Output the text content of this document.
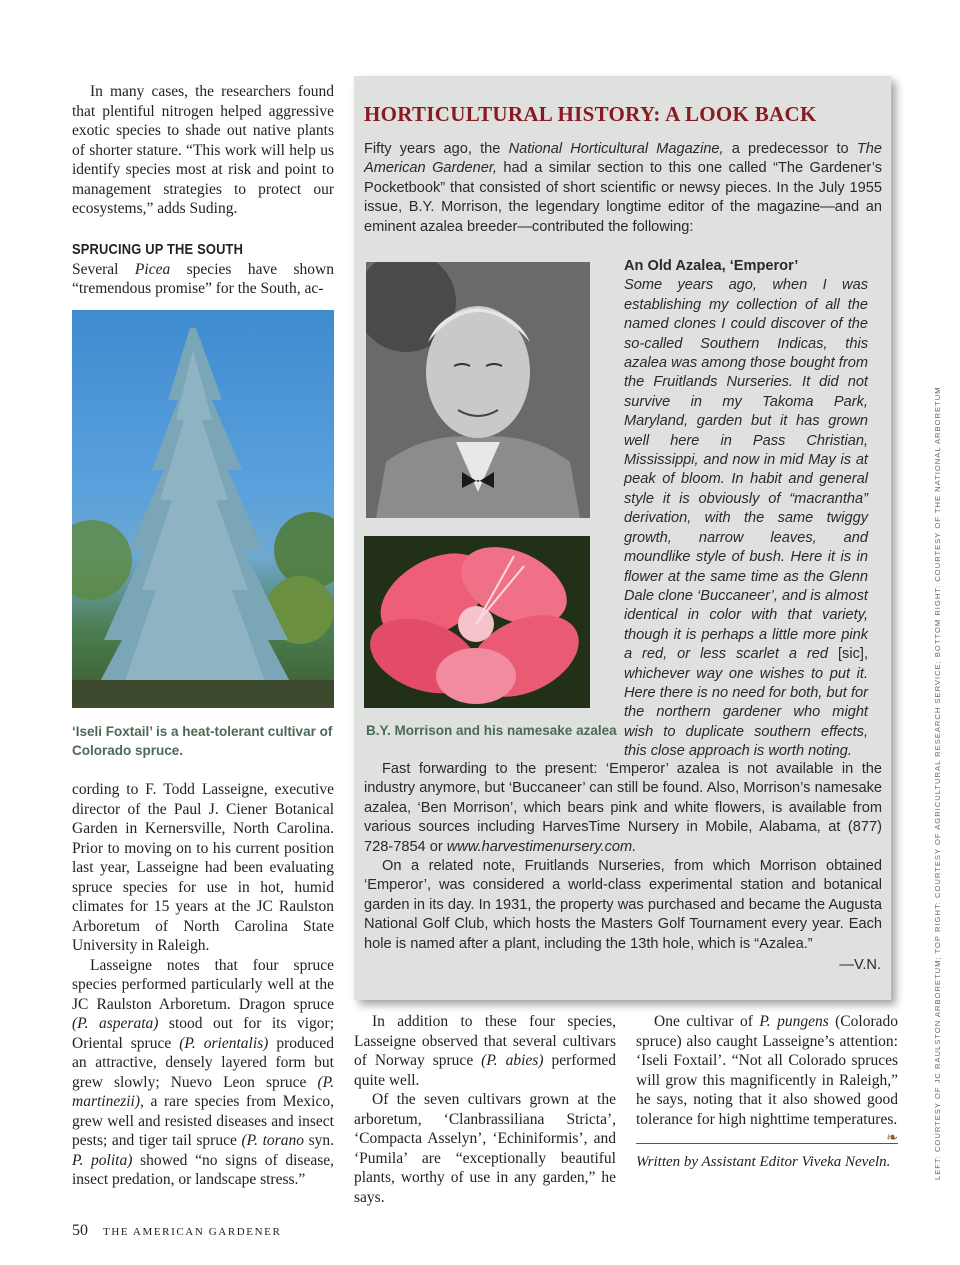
In many cases, the researchers found that plentiful nitrogen helped aggressive exotic species to shade out native plants of shorter stature. “This work will help us identify species most at risk and point to management strategies to protect our ecosystems,” adds Suding.

SPRUCING UP THE SOUTH

Several Picea species have shown “tremendous promise” for the South, ac-

‘Iseli Foxtail’ is a heat-tolerant cultivar of Colorado spruce.

cording to F. Todd Lasseigne, executive director of the Paul J. Ciener Botanical Garden in Kernersville, North Carolina. Prior to moving on to his current position last year, Lasseigne had been evaluating spruce species for use in hot, humid climates for 15 years at the JC Raulston Arboretum of North Carolina State University in Raleigh.

Lasseigne notes that four spruce species performed particularly well at the JC Raulston Arboretum. Dragon spruce (P. asperata) stood out for its vigor; Oriental spruce (P. orientalis) produced an attractive, densely layered form but grew slowly; Nuevo Leon spruce (P. martinezii), a rare species from Mexico, grew well and resisted diseases and insect pests; and tiger tail spruce (P. torano syn. P. polita) showed “no signs of disease, insect predation, or landscape stress.”

HORTICULTURAL HISTORY: A LOOK BACK

Fifty years ago, the National Horticultural Magazine, a predecessor to The American Gardener, had a similar section to this one called “The Gardener’s Pocketbook” that consisted of short scientific or newsy pieces. In the July 1955 issue, B.Y. Morrison, the legendary longtime editor of the magazine—and an eminent azalea breeder—contributed the following:

B.Y. Morrison and his namesake azalea
An Old Azalea, ‘Emperor’

Some years ago, when I was establishing my collection of all the named clones I could discover of the so-called Southern Indicas, this azalea was among those bought from the Fruitlands Nurseries. It did not survive in my Takoma Park, Maryland, garden but it has grown well here in Pass Christian, Mississippi, and now in mid May is at peak of bloom. In habit and general style it is obviously of “macrantha” derivation, with the same twiggy growth, narrow leaves, and moundlike style of bush. Here it is in flower at the same time as the Glenn Dale clone ‘Buccaneer’, and is almost identical in color with that variety, though it is perhaps a little more pink a red, or less scarlet a red [sic], whichever way one wishes to put it. Here there is no need for both, but for the northern gardener who might wish to duplicate southern effects, this close approach is worth noting.

Fast forwarding to the present: ‘Emperor’ azalea is not available in the industry anymore, but ‘Buccaneer’ can still be found. Also, Morrison’s namesake azalea, ‘Ben Morrison’, which bears pink and white flowers, is available from various sources including HarvesTime Nursery in Mobile, Alabama, at (877) 728-7854 or www.harvestimenursery.com.

On a related note, Fruitlands Nurseries, from which Morrison obtained ‘Emperor’, was considered a world-class experimental station and botanical garden in its day. In 1931, the property was purchased and became the Augusta National Golf Club, which hosts the Masters Golf Tournament every year. Each hole is named after a plant, including the 13th hole, which is “Azalea.”

—V.N.

In addition to these four species, Lasseigne observed that several cultivars of Norway spruce (P. abies) performed quite well.

Of the seven cultivars grown at the arboretum, ‘Clanbrassiliana Stricta’, ‘Compacta Asselyn’, ‘Echiniformis’, and ‘Pumila’ are “exceptionally beautiful plants, worthy of use in any garden,” he says.

One cultivar of P. pungens (Colorado spruce) also caught Lasseigne’s attention: ‘Iseli Foxtail’. “Not all Colorado spruces will grow this magnificently in Raleigh,” he says, noting that it also showed good tolerance for high nighttime temperatures.
❧

Written by Assistant Editor Viveka Neveln.	LEFT: COURTESY OF JC RAULSTON ARBORETUM; TOP RIGHT: COURTESY OF AGRICULTURAL RESEARCH SERVICE; BOTTOM RIGHT: COURTESY OF THE NATIONAL ARBORETUM
50 THE AMERICAN GARDENER
